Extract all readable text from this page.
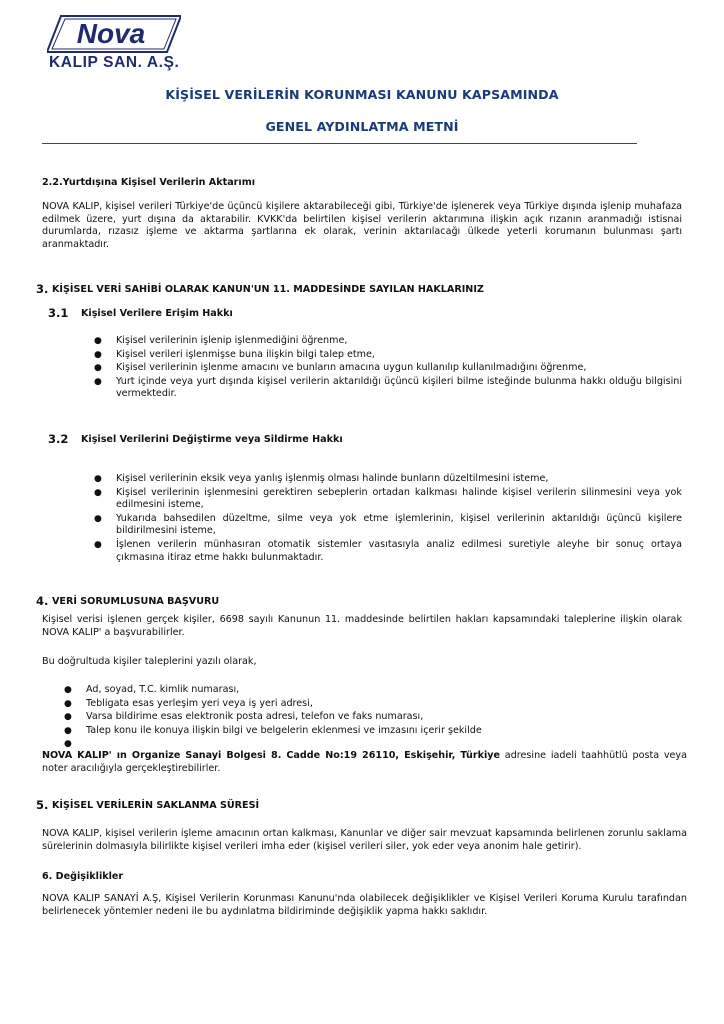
Nova
KALIP SAN. A.Ş.
KİŞİSEL VERİLERİN KORUNMASI KANUNU KAPSAMINDA
GENEL AYDINLATMA METNİ
2.2.Yurtdışına Kişisel Verilerin Aktarımı

NOVA KALIP, kişisel verileri Türkiye'de üçüncü kişilere aktarabileceği gibi, Türkiye'de işlenerek veya Türkiye dışında işlenip muhafaza edilmek üzere, yurt dışına da aktarabilir. KVKK'da belirtilen kişisel verilerin aktarımına ilişkin açık rızanın aranmadığı istisnai durumlarda, rızasız işleme ve aktarma şartlarına ek olarak, verinin aktarılacağı ülkede yeterli korumanın bulunması şartı aranmaktadır.

3. KİŞİSEL VERİ SAHİBİ OLARAK KANUN'UN 11. MADDESİNDE SAYILAN HAKLARINIZ
3.1 Kişisel Verilere Erişim Hakkı
● Kişisel verilerinin işlenip işlenmediğini öğrenme,
● Kişisel verileri işlenmişse buna ilişkin bilgi talep etme,
● Kişisel verilerinin işlenme amacını ve bunların amacına uygun kullanılıp kullanılmadığını öğrenme,
● Yurt içinde veya yurt dışında kişisel verilerin aktarıldığı üçüncü kişileri bilme isteğinde bulunma hakkı olduğu bilgisini vermektedir.
3.2 Kişisel Verilerini Değiştirme veya Sildirme Hakkı
● Kişisel verilerinin eksik veya yanlış işlenmiş olması halinde bunların düzeltilmesini isteme,
● Kişisel verilerinin işlenmesini gerektiren sebeplerin ortadan kalkması halinde kişisel verilerin silinmesini veya yok edilmesini isteme,
● Yukarıda bahsedilen düzeltme, silme veya yok etme işlemlerinin, kişisel verilerinin aktarıldığı üçüncü kişilere bildirilmesini isteme,
● İşlenen verilerin münhasıran otomatik sistemler vasıtasıyla analiz edilmesi suretiyle aleyhe bir sonuç ortaya çıkmasına itiraz etme hakkı bulunmaktadır.
4. VERİ SORUMLUSUNA BAŞVURU

Kişisel verisi işlenen gerçek kişiler, 6698 sayılı Kanunun 11. maddesinde belirtilen hakları kapsamındaki taleplerine ilişkin olarak NOVA KALIP' a başvurabilirler.

Bu doğrultuda kişiler taleplerini yazılı olarak,

● Ad, soyad, T.C. kimlik numarası,
● Tebligata esas yerleşim yeri veya iş yeri adresi,
● Varsa bildirime esas elektronik posta adresi, telefon ve faks numarası,
● Talep konu ile konuya ilişkin bilgi ve belgelerin eklenmesi ve imzasını içerir şekilde
●

NOVA KALIP' ın Organize Sanayi Bolgesi 8. Cadde No:19 26110, Eskişehir, Türkiye adresine iadeli taahhütlü posta veya noter aracılığıyla gerçekleştirebilirler.

5. KİŞİSEL VERİLERİN SAKLANMA SÜRESİ

NOVA KALIP, kişisel verilerin işleme amacının ortan kalkması, Kanunlar ve diğer sair mevzuat kapsamında belirlenen zorunlu saklama sürelerinin dolmasıyla bilirlikte kişisel verileri imha eder (kişisel verileri siler, yok eder veya anonim hale getirir).

6. Değişiklikler

NOVA KALIP SANAYİ A.Ş, Kişisel Verilerin Korunması Kanunu'nda olabilecek değişiklikler ve Kişisel Verileri Koruma Kurulu tarafından belirlenecek yöntemler nedeni ile bu aydınlatma bildiriminde değişiklik yapma hakkı saklıdır.
